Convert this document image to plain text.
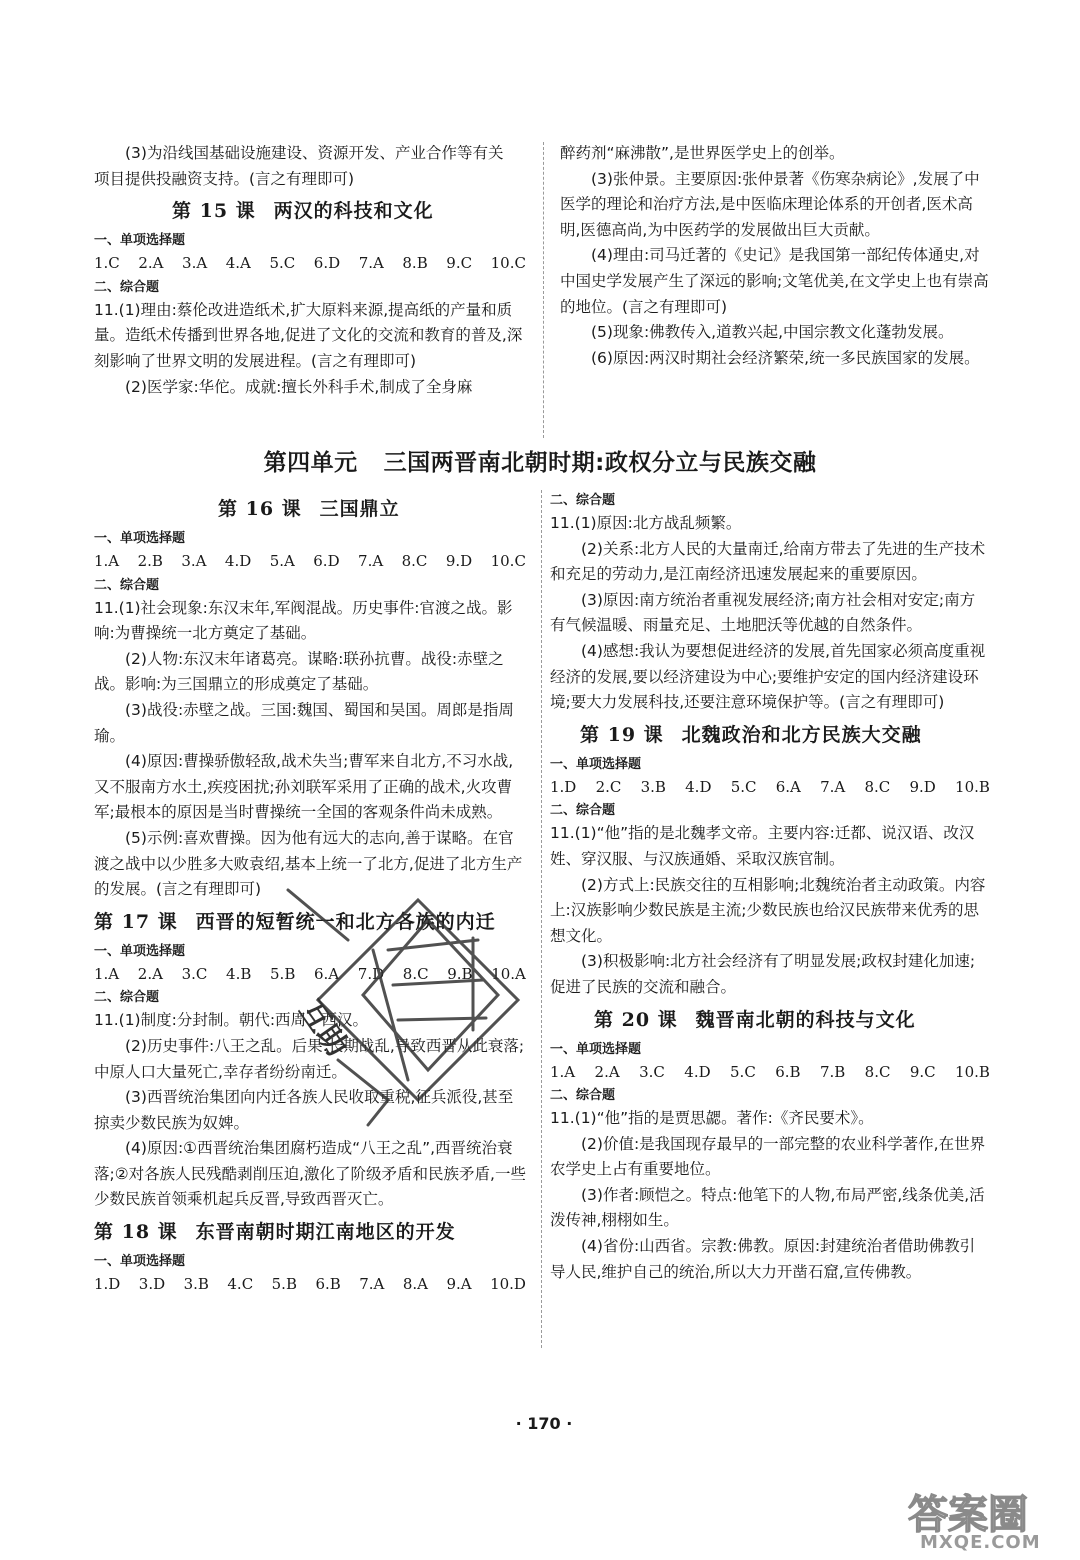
(3)为沿线国基础设施建设、资源开发、产业合作等有关

项目提供投融资支持。(言之有理即可)

第 15 课 两汉的科技和文化
一、单项选择题
1.C 2.A 3.A 4.A 5.C 6.D 7.A 8.B 9.C 10.C
二、综合题

11.(1)理由:蔡伦改进造纸术,扩大原料来源,提高纸的产量和质量。造纸术传播到世界各地,促进了文化的交流和教育的普及,深刻影响了世界文明的发展进程。(言之有理即可)

(2)医学家:华佗。成就:擅长外科手术,制成了全身麻

醉药剂“麻沸散”,是世界医学史上的创举。

(3)张仲景。主要原因:张仲景著《伤寒杂病论》,发展了中医学的理论和治疗方法,是中医临床理论体系的开创者,医术高明,医德高尚,为中医药学的发展做出巨大贡献。

(4)理由:司马迁著的《史记》是我国第一部纪传体通史,对中国史学发展产生了深远的影响;文笔优美,在文学史上也有崇高的地位。(言之有理即可)

(5)现象:佛教传入,道教兴起,中国宗教文化蓬勃发展。

(6)原因:两汉时期社会经济繁荣,统一多民族国家的发展。

第四单元 三国两晋南北朝时期:政权分立与民族交融
第 16 课 三国鼎立
一、单项选择题
1.A 2.B 3.A 4.D 5.A 6.D 7.A 8.C 9.D 10.C
二、综合题

11.(1)社会现象:东汉末年,军阀混战。历史事件:官渡之战。影响:为曹操统一北方奠定了基础。

(2)人物:东汉末年诸葛亮。谋略:联孙抗曹。战役:赤壁之战。影响:为三国鼎立的形成奠定了基础。

(3)战役:赤壁之战。三国:魏国、蜀国和吴国。周郎是指周瑜。

(4)原因:曹操骄傲轻敌,战术失当;曹军来自北方,不习水战,又不服南方水土,疾疫困扰;孙刘联军采用了正确的战术,火攻曹军;最根本的原因是当时曹操统一全国的客观条件尚未成熟。

(5)示例:喜欢曹操。因为他有远大的志向,善于谋略。在官渡之战中以少胜多大败袁绍,基本上统一了北方,促进了北方生产的发展。(言之有理即可)

第 17 课 西晋的短暂统一和北方各族的内迁
一、单项选择题
1.A 2.A 3.C 4.B 5.B 6.A 7.D 8.C 9.B 10.A
二、综合题

11.(1)制度:分封制。朝代:西周、西汉。

(2)历史事件:八王之乱。后果:长期战乱,导致西晋从此衰落;中原人口大量死亡,幸存者纷纷南迁。

(3)西晋统治集团向内迁各族人民收取重税,征兵派役,甚至掠卖少数民族为奴婢。

(4)原因:①西晋统治集团腐朽造成“八王之乱”,西晋统治衰落;②对各族人民残酷剥削压迫,激化了阶级矛盾和民族矛盾,一些少数民族首领乘机起兵反晋,导致西晋灭亡。

第 18 课 东晋南朝时期江南地区的开发
一、单项选择题
1.D 3.D 3.B 4.C 5.B 6.B 7.A 8.A 9.A 10.D
二、综合题

11.(1)原因:北方战乱频繁。

(2)关系:北方人民的大量南迁,给南方带去了先进的生产技术和充足的劳动力,是江南经济迅速发展起来的重要原因。

(3)原因:南方统治者重视发展经济;南方社会相对安定;南方有气候温暖、雨量充足、土地肥沃等优越的自然条件。

(4)感想:我认为要想促进经济的发展,首先国家必须高度重视经济的发展,要以经济建设为中心;要维护安定的国内经济建设环境;要大力发展科技,还要注意环境保护等。(言之有理即可)

第 19 课 北魏政治和北方民族大交融
一、单项选择题
1.D 2.C 3.B 4.D 5.C 6.A 7.A 8.C 9.D 10.B
二、综合题

11.(1)“他”指的是北魏孝文帝。主要内容:迁都、说汉语、改汉姓、穿汉服、与汉族通婚、采取汉族官制。

(2)方式上:民族交往的互相影响;北魏统治者主动政策。内容上:汉族影响少数民族是主流;少数民族也给汉民族带来优秀的思想文化。

(3)积极影响:北方社会经济有了明显发展;政权封建化加速;促进了民族的交流和融合。

第 20 课 魏晋南北朝的科技与文化
一、单项选择题
1.A 2.A 3.C 4.D 5.C 6.B 7.B 8.C 9.C 10.B
二、综合题

11.(1)“他”指的是贾思勰。著作:《齐民要术》。

(2)价值:是我国现存最早的一部完整的农业科学著作,在世界农学史上占有重要地位。

(3)作者:顾恺之。特点:他笔下的人物,布局严密,线条优美,活泼传神,栩栩如生。

(4)省份:山西省。宗教:佛教。原因:封建统治者借助佛教引导人民,维护自己的统治,所以大力开凿石窟,宣传佛教。

· 170 ·
互助
答案圈
MXQE.COM
